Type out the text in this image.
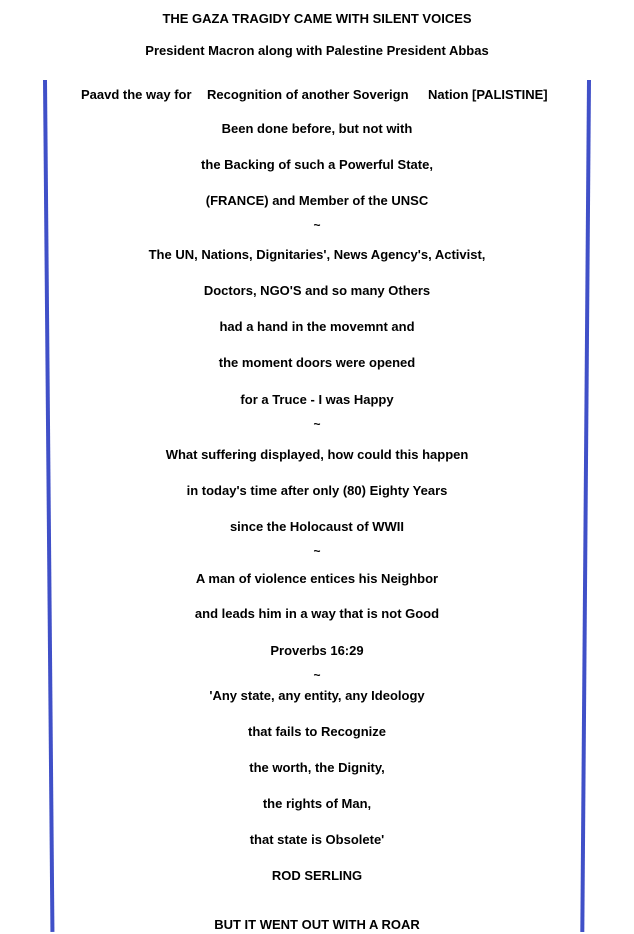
THE GAZA TRAGIDY CAME WITH SILENT VOICES
President Macron along with Palestine President Abbas
Paavd the way for Recognition of another Soverign Nation [PALISTINE]
Been done before, but not with
the Backing of such a Powerful State,
(FRANCE) and Member of the UNSC
~
The UN, Nations, Dignitaries', News Agency's, Activist,
Doctors, NGO'S and so many Others
had a hand in the movemnt and
the moment doors were opened
for a Truce - I was Happy
~
What suffering displayed, how could this happen
in today's time after only (80) Eighty Years
since the Holocaust of WWII
~
A man of violence entices his Neighbor
and leads him in a way that is not Good
Proverbs 16:29
~
'Any state, any entity, any Ideology
that fails to Recognize
the worth, the Dignity,
the rights of Man,
that state is Obsolete'
ROD SERLING
BUT IT WENT OUT WITH A ROAR
